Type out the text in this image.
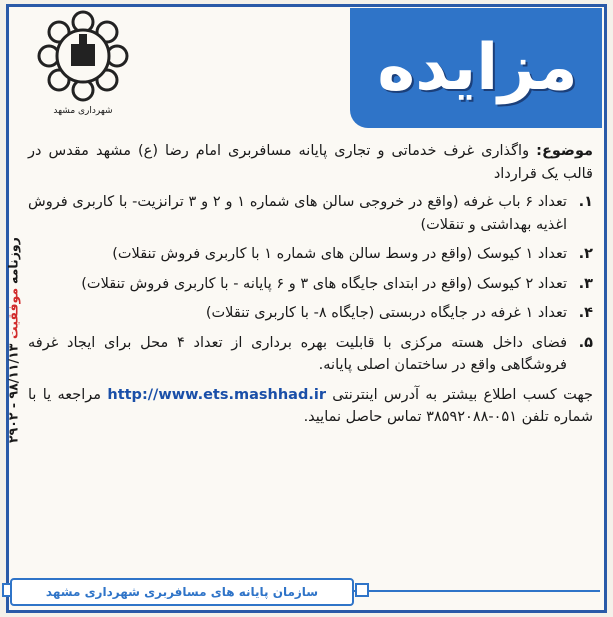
مزایده
شهرداری مشهد
روزنامه

موفقیت

۹۸/۱۱/۱۳ - ۲۹۰۲
موضوع: واگذاری غرف خدماتی و تجاری پایانه مسافربری امام رضا (ع) مشهد مقدس در قالب یک قرارداد
۱.
تعداد ۶ باب غرفه (واقع در خروجی سالن های شماره ۱ و ۲ و ۳ ترانزیت- با کاربری فروش اغذیه بهداشتی و تنقلات)
۲.
تعداد ۱ کیوسک (واقع در وسط سالن های شماره ۱ با کاربری فروش تنقلات)
۳.
تعداد ۲ کیوسک (واقع در ابتدای جایگاه های ۳ و ۶ پایانه - با کاربری فروش تنقلات)
۴.
تعداد ۱ غرفه در جایگاه دربستی (جایگاه ۸- با کاربری تنقلات)
۵.
فضای داخل هسته مرکزی با قابلیت بهره برداری از تعداد ۴ محل برای ایجاد غرفه فروشگاهی واقع در ساختمان اصلی پایانه.
جهت کسب اطلاع بیشتر به آدرس اینترنتی http://www.ets.mashhad.ir مراجعه یا با شماره تلفن ۰۵۱-۳۸۵۹۲۰۸۸ تماس حاصل نمایید.
سازمان پایانه های مسافربری شهرداری مشهد
